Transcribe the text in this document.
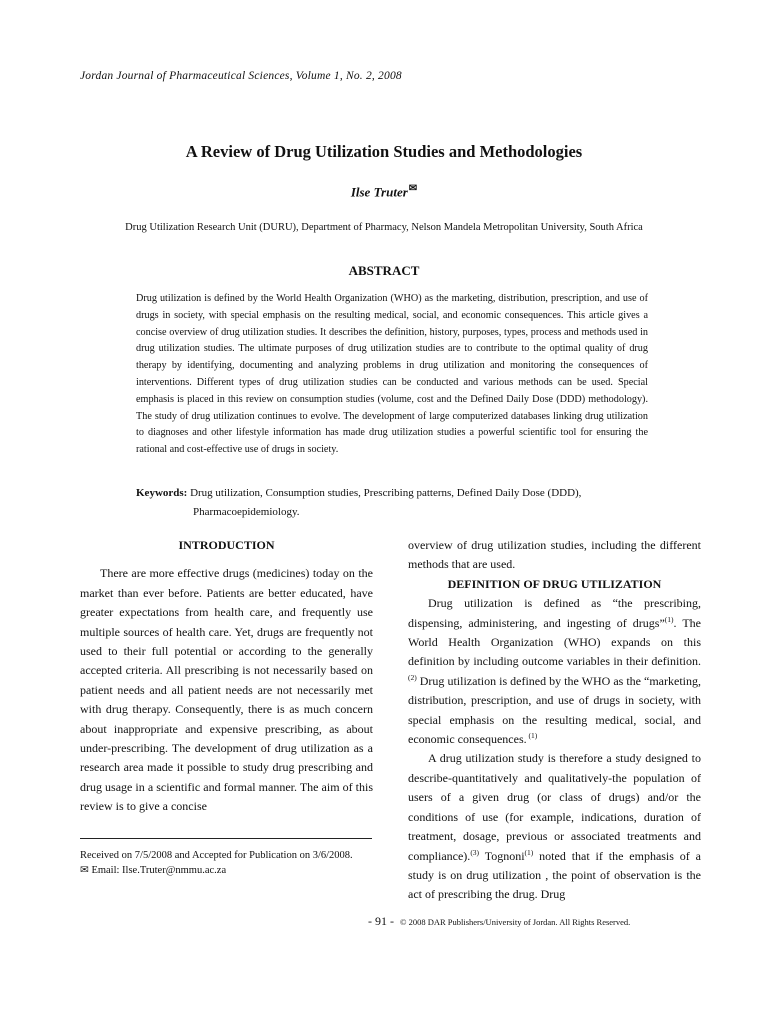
Jordan Journal of Pharmaceutical Sciences, Volume 1, No. 2, 2008
A Review of Drug Utilization Studies and Methodologies
Ilse Truter✉
Drug Utilization Research Unit (DURU), Department of Pharmacy, Nelson Mandela Metropolitan University, South Africa
ABSTRACT
Drug utilization is defined by the World Health Organization (WHO) as the marketing, distribution, prescription, and use of drugs in society, with special emphasis on the resulting medical, social, and economic consequences. This article gives a concise overview of drug utilization studies. It describes the definition, history, purposes, types, process and methods used in drug utilization studies. The ultimate purposes of drug utilization studies are to contribute to the optimal quality of drug therapy by identifying, documenting and analyzing problems in drug utilization and monitoring the consequences of interventions. Different types of drug utilization studies can be conducted and various methods can be used. Special emphasis is placed in this review on consumption studies (volume, cost and the Defined Daily Dose (DDD) methodology). The study of drug utilization continues to evolve. The development of large computerized databases linking drug utilization to diagnoses and other lifestyle information has made drug utilization studies a powerful scientific tool for ensuring the rational and cost-effective use of drugs in society.
Keywords: Drug utilization, Consumption studies, Prescribing patterns, Defined Daily Dose (DDD),
Pharmacoepidemiology.
INTRODUCTION

There are more effective drugs (medicines) today on the market than ever before. Patients are better educated, have greater expectations from health care, and frequently use multiple sources of health care. Yet, drugs are frequently not used to their full potential or according to the generally accepted criteria. All prescribing is not necessarily based on patient needs and all patient needs are not necessarily met with drug therapy. Consequently, there is as much concern about inappropriate and expensive prescribing, as about under-prescribing. The development of drug utilization as a research area made it possible to study drug prescribing and drug usage in a scientific and formal manner. The aim of this review is to give a concise

overview of drug utilization studies, including the different methods that are used.

DEFINITION OF DRUG UTILIZATION

Drug utilization is defined as “the prescribing, dispensing, administering, and ingesting of drugs”$^{(1)}$. The World Health Organization (WHO) expands on this definition by including outcome variables in their definition.$^{(2)}$ Drug utilization is defined by the WHO as the “marketing, distribution, prescription, and use of drugs in society, with special emphasis on the resulting medical, social, and economic consequences. $^{(1)}$

A drug utilization study is therefore a study designed to describe-quantitatively and qualitatively-the population of users of a given drug (or class of drugs) and/or the conditions of use (for example, indications, duration of treatment, dosage, previous or associated treatments and compliance).$^{(3)}$ Tognoni$^{(1)}$ noted that if the emphasis of a study is on drug utilization , the point of observation is the act of prescribing the drug. Drug

Received on 7/5/2008 and Accepted for Publication on 3/6/2008.
✉ Email: Ilse.Truter@nmmu.ac.za
- 91 - © 2008 DAR Publishers/University of Jordan. All Rights Reserved.
